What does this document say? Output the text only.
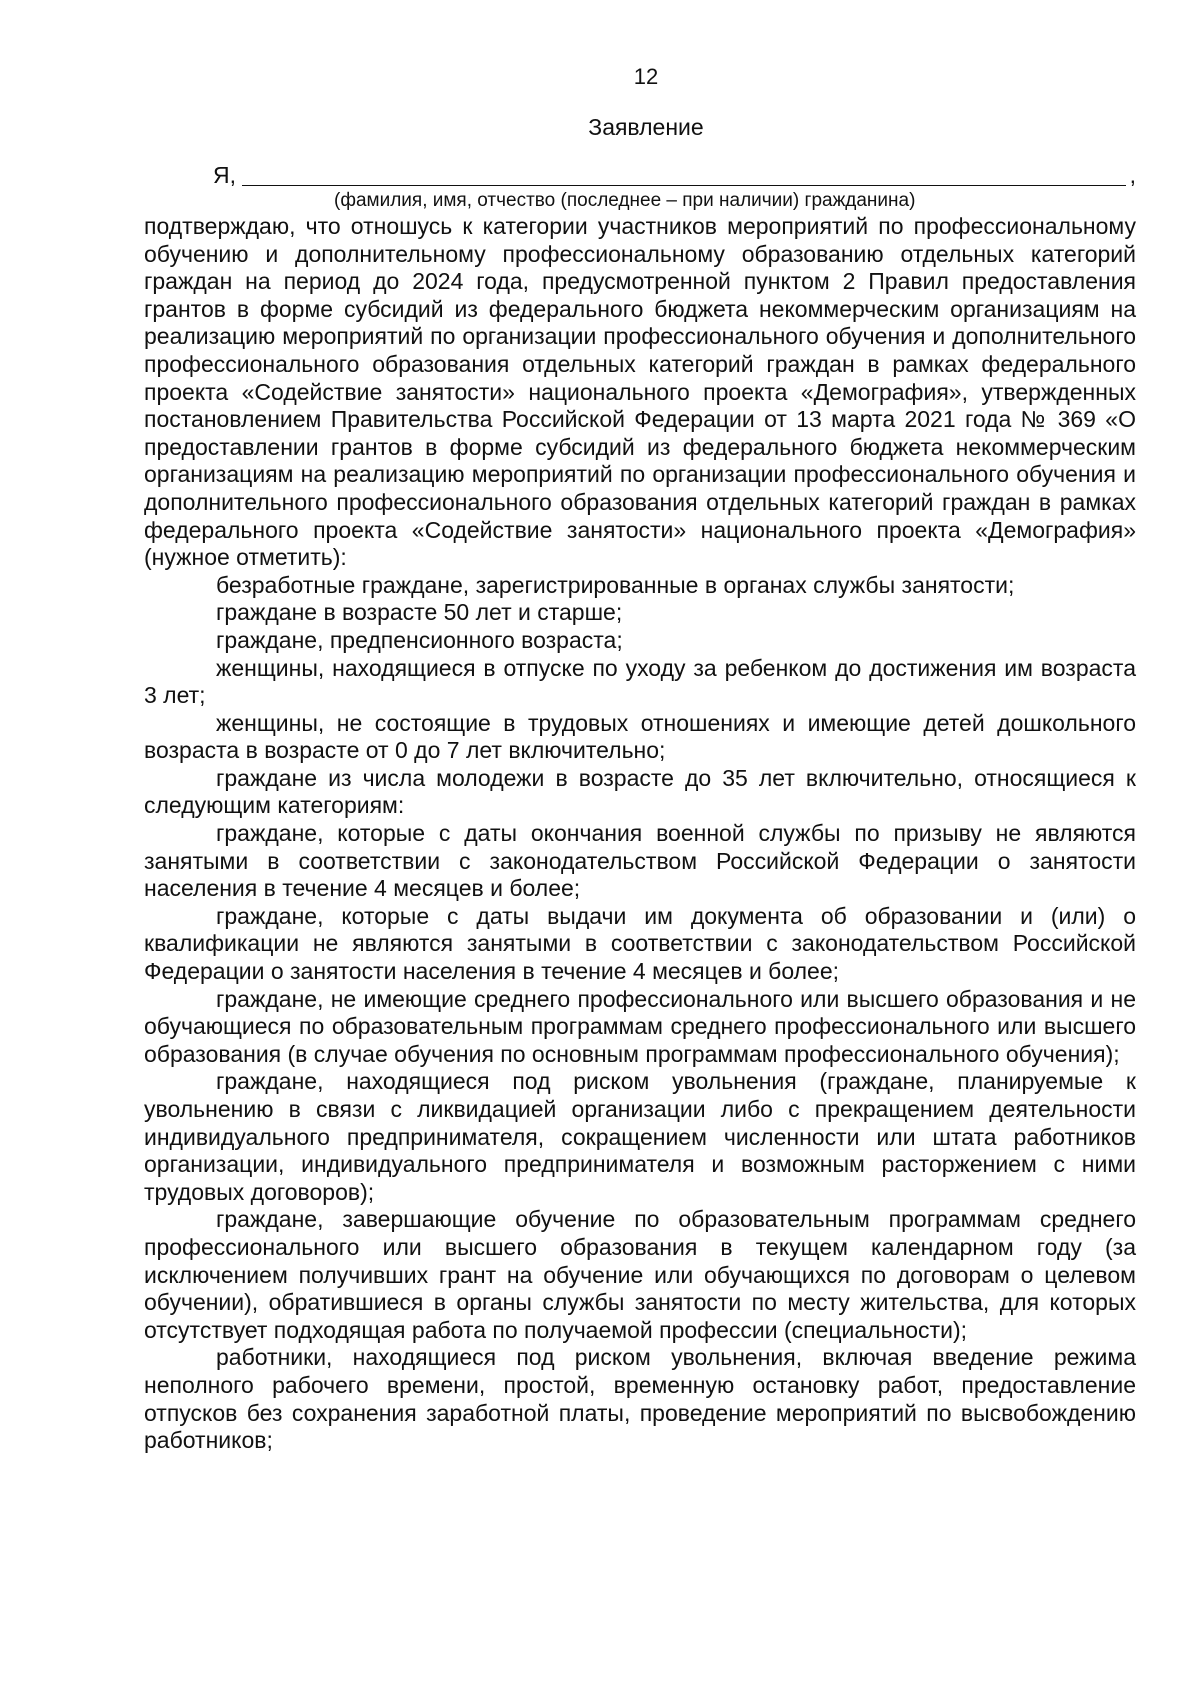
12
Заявление
Я,	,
(фамилия, имя, отчество (последнее – при наличии) гражданина)

подтверждаю, что отношусь к категории участников мероприятий по профессиональному обучению и дополнительному профессиональному образованию отдельных категорий граждан на период до 2024 года, предусмотренной пунктом 2 Правил предоставления грантов в форме субсидий из федерального бюджета некоммерческим организациям на реализацию мероприятий по организации профессионального обучения и дополнительного профессионального образования отдельных категорий граждан в рамках федерального проекта «Содействие занятости» национального проекта «Демография», утвержденных постановлением Правительства Российской Федерации от 13 марта 2021 года № 369 «О предоставлении грантов в форме субсидий из федерального бюджета некоммерческим организациям на реализацию мероприятий по организации профессионального обучения и дополнительного профессионального образования отдельных категорий граждан в рамках федерального проекта «Содействие занятости» национального проекта «Демография» (нужное отметить):

безработные граждане, зарегистрированные в органах службы занятости;

граждане в возрасте 50 лет и старше;

граждане, предпенсионного возраста;

женщины, находящиеся в отпуске по уходу за ребенком до достижения им возраста 3 лет;

женщины, не состоящие в трудовых отношениях и имеющие детей дошкольного возраста в возрасте от 0 до 7 лет включительно;

граждане из числа молодежи в возрасте до 35 лет включительно, относящиеся к следующим категориям:

граждане, которые с даты окончания военной службы по призыву не являются занятыми в соответствии с законодательством Российской Федерации о занятости населения в течение 4 месяцев и более;

граждане, которые с даты выдачи им документа об образовании и (или) о квалификации не являются занятыми в соответствии с законодательством Российской Федерации о занятости населения в течение 4 месяцев и более;

граждане, не имеющие среднего профессионального или высшего образования и не обучающиеся по образовательным программам среднего профессионального или высшего образования (в случае обучения по основным программам профессионального обучения);

граждане, находящиеся под риском увольнения (граждане, планируемые к увольнению в связи с ликвидацией организации либо с прекращением деятельности индивидуального предпринимателя, сокращением численности или штата работников организации, индивидуального предпринимателя и возможным расторжением с ними трудовых договоров);

граждане, завершающие обучение по образовательным программам среднего профессионального или высшего образования в текущем календарном году (за исключением получивших грант на обучение или обучающихся по договорам о целевом обучении), обратившиеся в органы службы занятости по месту жительства, для которых отсутствует подходящая работа по получаемой профессии (специальности);

работники, находящиеся под риском увольнения, включая введение режима неполного рабочего времени, простой, временную остановку работ, предоставление отпусков без сохранения заработной платы, проведение мероприятий по высвобождению работников;
